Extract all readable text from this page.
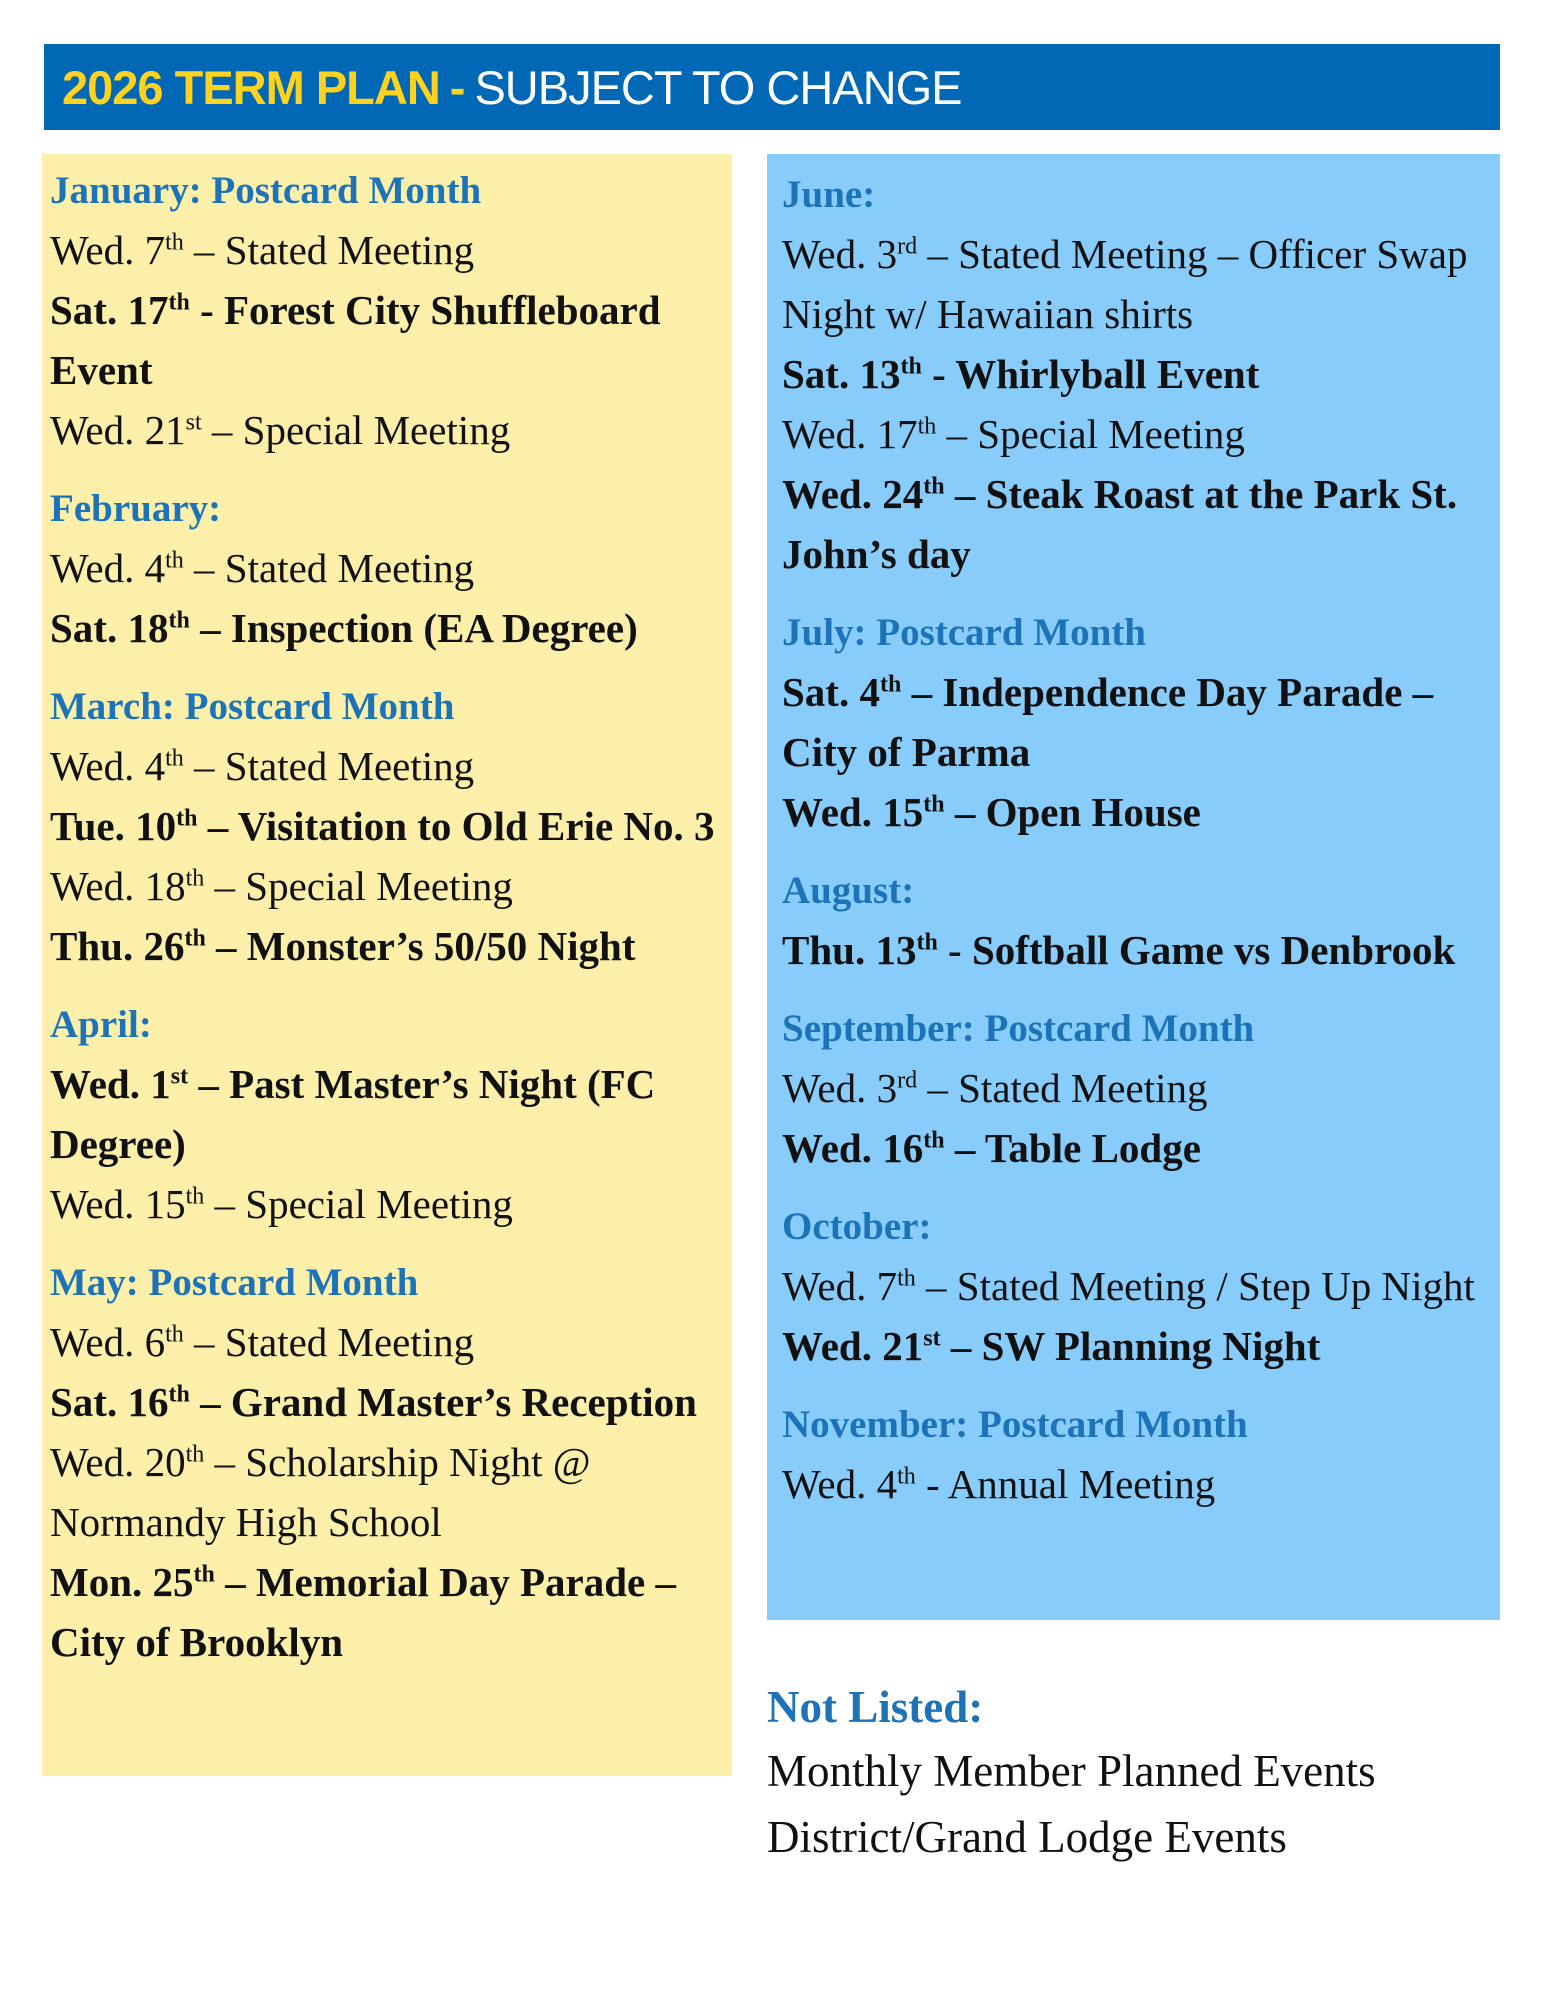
2026 TERM PLAN - SUBJECT TO CHANGE
January: Postcard Month
Wed. 7th – Stated Meeting
Sat. 17th - Forest City Shuffleboard Event
Wed. 21st – Special Meeting
February:
Wed. 4th – Stated Meeting
Sat. 18th – Inspection (EA Degree)
March: Postcard Month
Wed. 4th – Stated Meeting
Tue. 10th – Visitation to Old Erie No. 3
Wed. 18th – Special Meeting
Thu. 26th – Monster’s 50/50 Night
April:
Wed. 1st – Past Master’s Night (FC Degree)
Wed. 15th – Special Meeting
May: Postcard Month
Wed. 6th – Stated Meeting
Sat. 16th – Grand Master’s Reception
Wed. 20th – Scholarship Night @ Normandy High School
Mon. 25th – Memorial Day Parade – City of Brooklyn
June:
Wed. 3rd – Stated Meeting – Officer Swap Night w/ Hawaiian shirts
Sat. 13th - Whirlyball Event
Wed. 17th – Special Meeting
Wed. 24th – Steak Roast at the Park St. John’s day
July: Postcard Month
Sat. 4th – Independence Day Parade – City of Parma
Wed. 15th – Open House
August:
Thu. 13th - Softball Game vs Denbrook
September: Postcard Month
Wed. 3rd – Stated Meeting
Wed. 16th – Table Lodge
October:
Wed. 7th – Stated Meeting / Step Up Night
Wed. 21st – SW Planning Night
November: Postcard Month
Wed. 4th - Annual Meeting
Not Listed:
Monthly Member Planned Events
District/Grand Lodge Events
